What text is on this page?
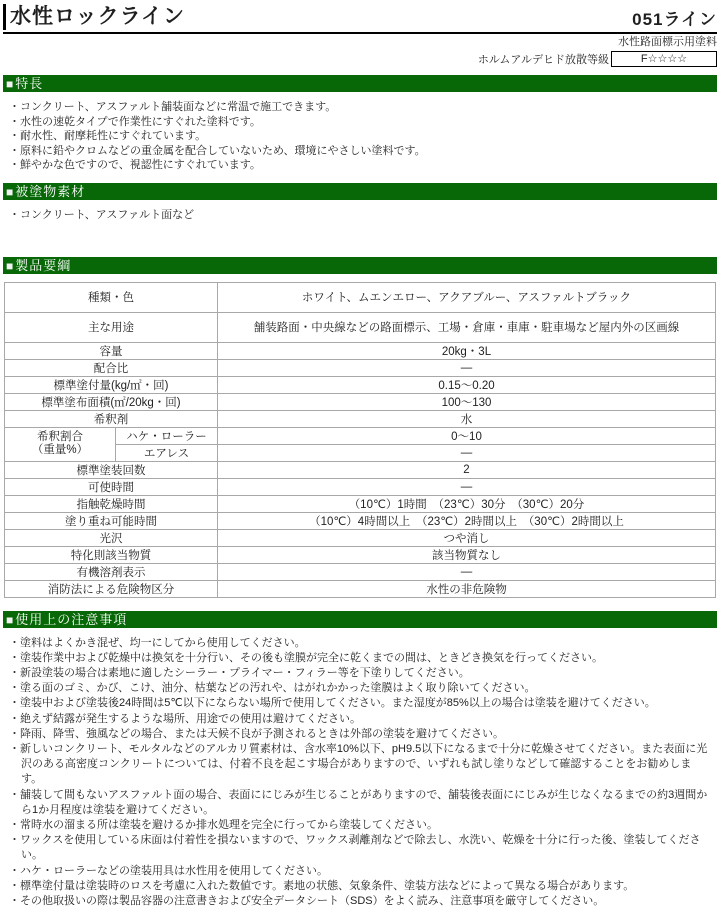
水性ロックライン	051ライン
水性路面標示用塗料
ホルムアルデヒド放散等級	F☆☆☆☆
■特長
・コンクリート、アスファルト舗装面などに常温で施工できます。
・水性の速乾タイプで作業性にすぐれた塗料です。
・耐水性、耐摩耗性にすぐれています。
・原料に鉛やクロムなどの重金属を配合していないため、環境にやさしい塗料です。
・鮮やかな色ですので、視認性にすぐれています。
■被塗物素材
・コンクリート、アスファルト面など
■製品要綱
種類・色		ホワイト、ムエンエロー、アクアブルー、アスファルトブラック
主な用途		舗装路面・中央線などの路面標示、工場・倉庫・車庫・駐車場など屋内外の区画線
容量		20kg・3L
配合比		―
標準塗付量(kg/㎡・回)		0.15～0.20
標準塗布面積(㎡/20kg・回)		100～130
希釈剤		水

希釈割合
（重量%）	ハケ・ローラー	0～10
	エアレス	―
標準塗装回数		2
可使時間		―
指触乾燥時間		（10℃）1時間　（23℃）30分　（30℃）20分
塗り重ね可能時間		（10℃）4時間以上　（23℃）2時間以上　（30℃）2時間以上
光沢		つや消し
特化則該当物質		該当物質なし
有機溶剤表示		―
消防法による危険物区分		水性の非危険物
■使用上の注意事項
・塗料はよくかき混ぜ、均一にしてから使用してください。
・塗装作業中および乾燥中は換気を十分行い、その後も塗膜が完全に乾くまでの間は、ときどき換気を行ってください。
・新設塗装の場合は素地に適したシーラー・プライマー・フィラー等を下塗りしてください。
・塗る面のゴミ、かび、こけ、油分、枯葉などの汚れや、はがれかかった塗膜はよく取り除いてください。
・塗装中および塗装後24時間は5℃以下にならない場所で使用してください。また湿度が85%以上の場合は塗装を避けてください。
・絶えず結露が発生するような場所、用途での使用は避けてください。
・降雨、降雪、強風などの場合、または天候不良が予測されるときは外部の塗装を避けてください。
・新しいコンクリート、モルタルなどのアルカリ質素材は、含水率10%以下、pH9.5以下になるまで十分に乾燥させてください。また表面に光沢のある高密度コンクリートについては、付着不良を起こす場合がありますので、いずれも試し塗りなどして確認することをお勧めします。
・舗装して間もないアスファルト面の場合、表面ににじみが生じることがありますので、舗装後表面ににじみが生じなくなるまでの約3週間から1か月程度は塗装を避けてください。
・常時水の溜まる所は塗装を避けるか排水処理を完全に行ってから塗装してください。
・ワックスを使用している床面は付着性を損ないますので、ワックス剥離剤などで除去し、水洗い、乾燥を十分に行った後、塗装してください。
・ハケ・ローラーなどの塗装用具は水性用を使用してください。
・標準塗付量は塗装時のロスを考慮に入れた数値です。素地の状態、気象条件、塗装方法などによって異なる場合があります。
・その他取扱いの際は製品容器の注意書きおよび安全データシート（SDS）をよく読み、注意事項を厳守してください。
